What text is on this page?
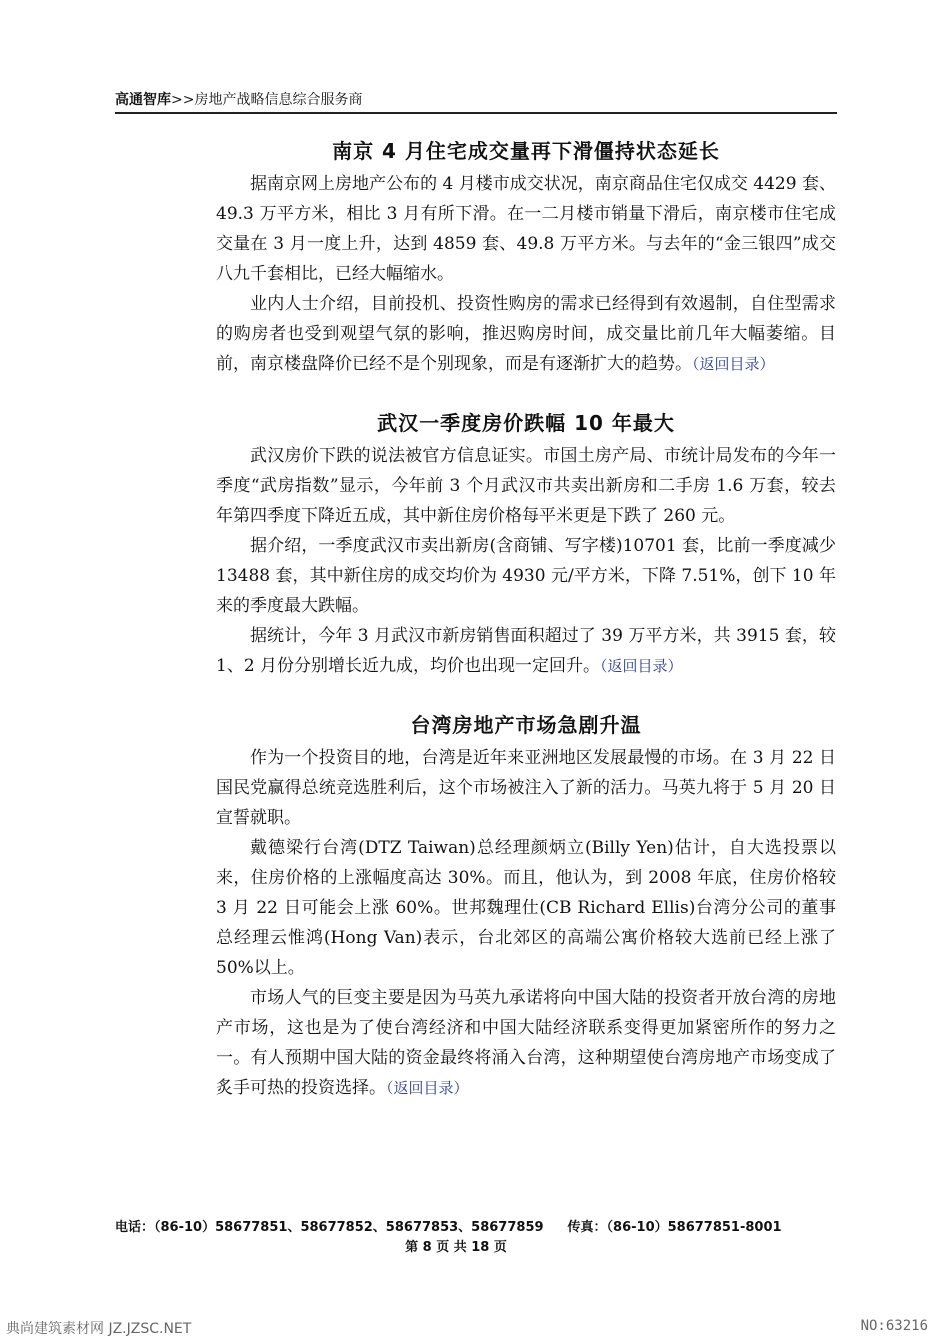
高通智库>>房地产战略信息综合服务商
南京 4 月住宅成交量再下滑僵持状态延长

据南京网上房地产公布的 4 月楼市成交状况，南京商品住宅仅成交 4429 套、49.3 万平方米，相比 3 月有所下滑。在一二月楼市销量下滑后，南京楼市住宅成交量在 3 月一度上升，达到 4859 套、49.8 万平方米。与去年的“金三银四”成交八九千套相比，已经大幅缩水。

业内人士介绍，目前投机、投资性购房的需求已经得到有效遏制，自住型需求的购房者也受到观望气氛的影响，推迟购房时间，成交量比前几年大幅萎缩。目前，南京楼盘降价已经不是个别现象，而是有逐渐扩大的趋势。（返回目录）

武汉一季度房价跌幅 10 年最大

武汉房价下跌的说法被官方信息证实。市国土房产局、市统计局发布的今年一季度“武房指数”显示，今年前 3 个月武汉市共卖出新房和二手房 1.6 万套，较去年第四季度下降近五成，其中新住房价格每平米更是下跌了 260 元。

据介绍，一季度武汉市卖出新房(含商铺、写字楼)10701 套，比前一季度减少 13488 套，其中新住房的成交均价为 4930 元/平方米，下降 7.51%，创下 10 年来的季度最大跌幅。

据统计，今年 3 月武汉市新房销售面积超过了 39 万平方米，共 3915 套，较 1、2 月份分别增长近九成，均价也出现一定回升。（返回目录）

台湾房地产市场急剧升温

作为一个投资目的地，台湾是近年来亚洲地区发展最慢的市场。在 3 月 22 日国民党赢得总统竞选胜利后，这个市场被注入了新的活力。马英九将于 5 月 20 日宣誓就职。

戴德梁行台湾(DTZ Taiwan)总经理颜炳立(Billy Yen)估计，自大选投票以来，住房价格的上涨幅度高达 30%。而且，他认为，到 2008 年底，住房价格较 3 月 22 日可能会上涨 60%。世邦魏理仕(CB Richard Ellis)台湾分公司的董事总经理云惟鸿(Hong Van)表示，台北郊区的高端公寓价格较大选前已经上涨了 50%以上。

市场人气的巨变主要是因为马英九承诺将向中国大陆的投资者开放台湾的房地产市场，这也是为了使台湾经济和中国大陆经济联系变得更加紧密所作的努力之一。有人预期中国大陆的资金最终将涌入台湾，这种期望使台湾房地产市场变成了炙手可热的投资选择。（返回目录）

电话：（86-10）58677851、58677852、58677853、58677859 传真：（86-10）58677851-8001
第 8 页 共 18 页
典尚建筑素材网 JZ.JZSC.NET	NO:63216
